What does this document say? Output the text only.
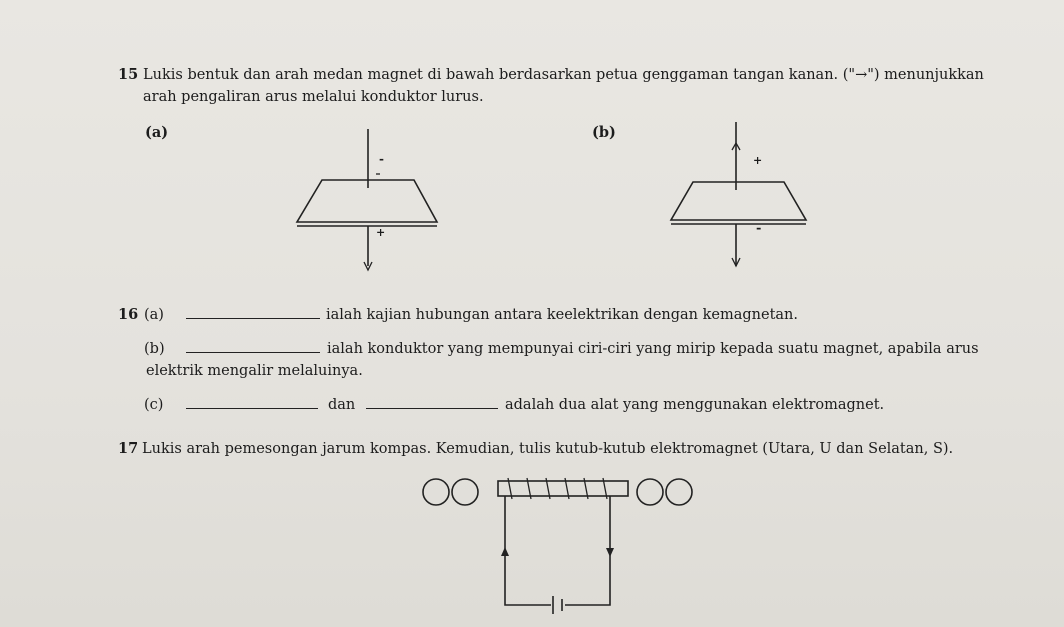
15 Lukis bentuk dan arah medan magnet di bawah berdasarkan petua genggaman tangan kanan. ("→") menunjukkan
arah pengaliran arus melalui konduktor lurus.
(a)	(b)
-
+
+
-
16 (a)	ialah kajian hubungan antara keelektrikan dengan kemagnetan.
(b)	ialah konduktor yang mempunyai ciri-ciri yang mirip kepada suatu magnet, apabila arus
elektrik mengalir melaluinya.
(c)	dan	adalah dua alat yang menggunakan elektromagnet.
17 Lukis arah pemesongan jarum kompas. Kemudian, tulis kutub-kutub elektromagnet (Utara, U dan Selatan, S).
